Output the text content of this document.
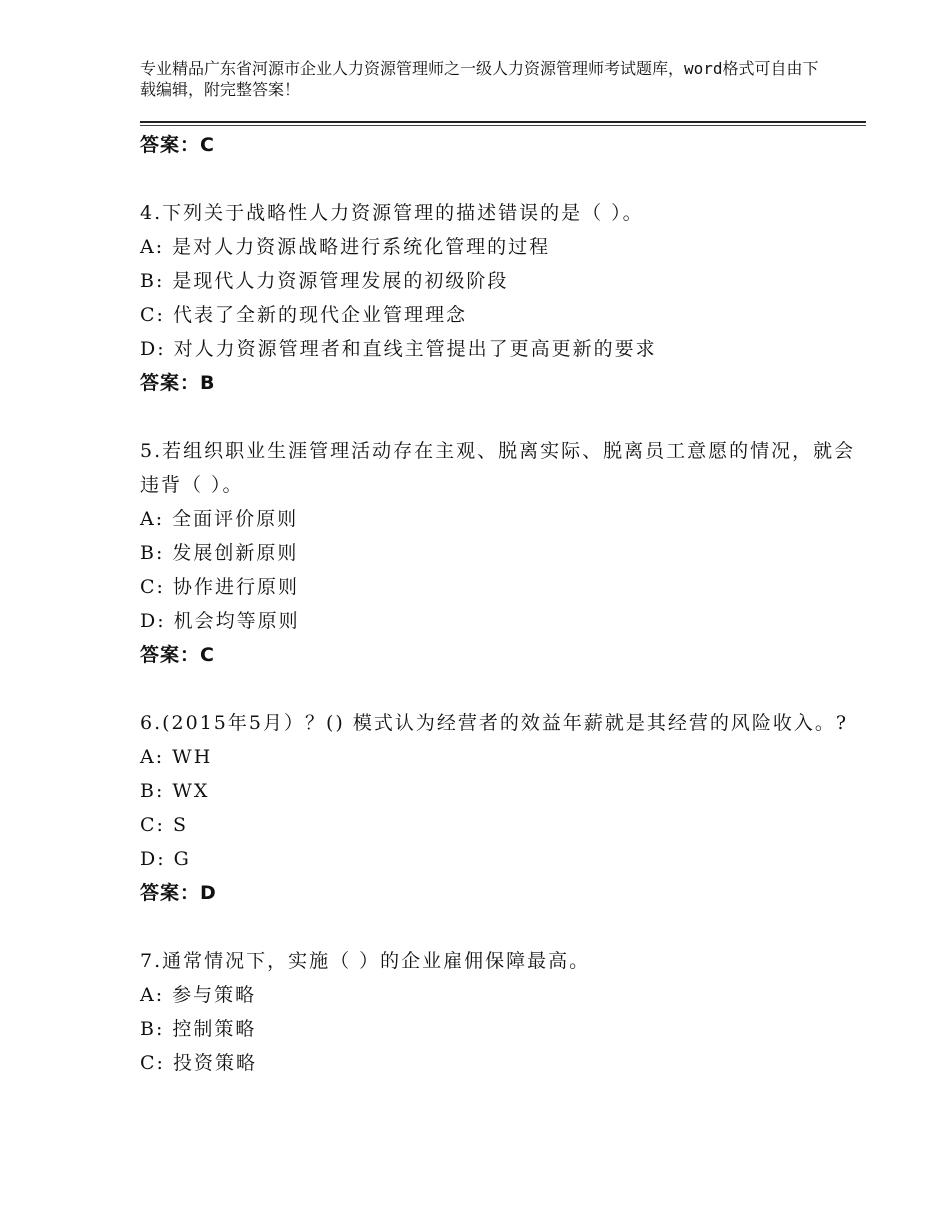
专业精品广东省河源市企业人力资源管理师之一级人力资源管理师考试题库，word格式可自由下载编辑，附完整答案！
答案：C
4.下列关于战略性人力资源管理的描述错误的是（ ）。
A: 是对人力资源战略进行系统化管理的过程
B: 是现代人力资源管理发展的初级阶段
C: 代表了全新的现代企业管理理念
D: 对人力资源管理者和直线主管提出了更高更新的要求
答案：B
5.若组织职业生涯管理活动存在主观、脱离实际、脱离员工意愿的情况，就会违背（ ）。
A: 全面评价原则
B: 发展创新原则
C: 协作进行原则
D: 机会均等原则
答案：C
6.(2015年5月）？() 模式认为经营者的效益年薪就是其经营的风险收入。?
A: WH
B: WX
C: S
D: G
答案：D
7.通常情况下，实施（ ）的企业雇佣保障最高。
A: 参与策略
B: 控制策略
C: 投资策略
